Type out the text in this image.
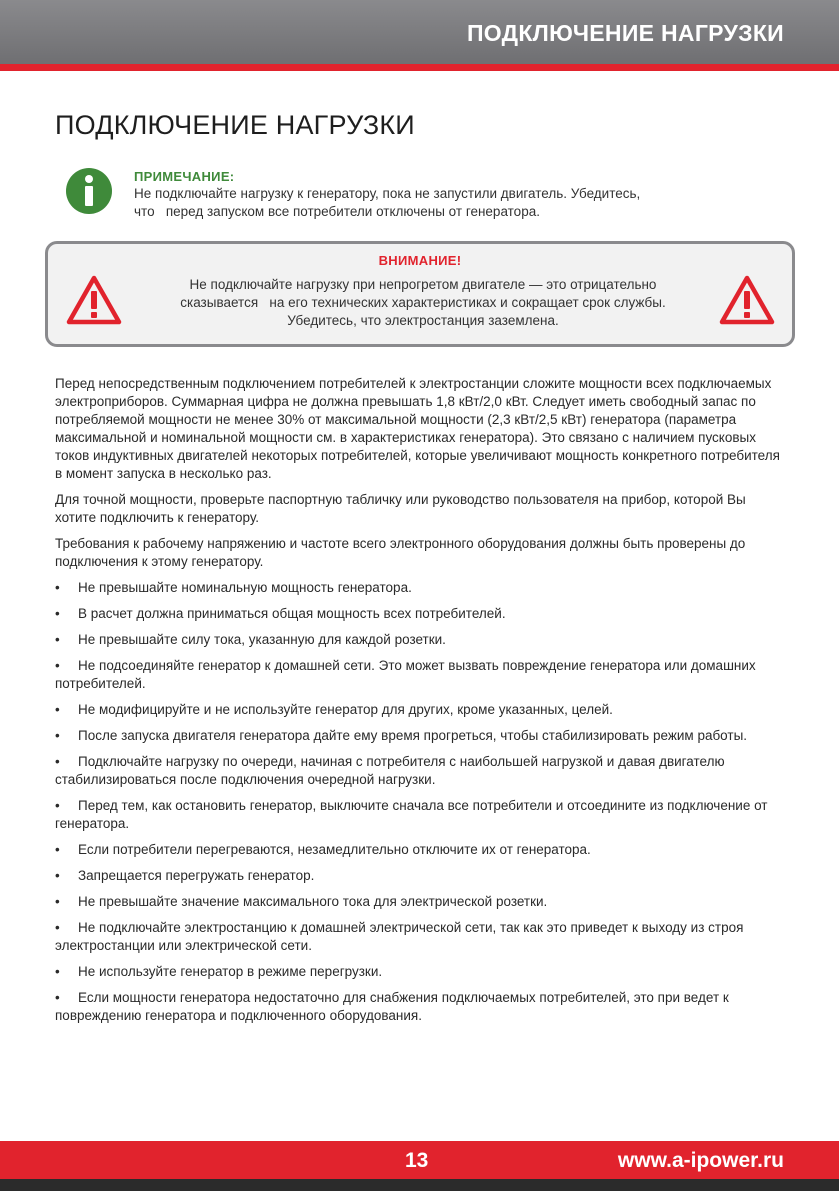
ПОДКЛЮЧЕНИЕ НАГРУЗКИ
ПОДКЛЮЧЕНИЕ НАГРУЗКИ
ПРИМЕЧАНИЕ:
Не подключайте нагрузку к генератору, пока не запустили двигатель. Убедитесь,
что   перед запуском все потребители отключены от генератора.
ВНИМАНИЕ!
Не подключайте нагрузку при непрогретом двигателе — это отрицательно
сказывается   на его технических характеристиках и сокращает срок службы.
Убедитесь, что электростанция заземлена.

Перед непосредственным подключением потребителей к электростанции сложите мощности всех подключаемых электроприборов. Суммарная цифра не должна превышать 1,8 кВт/2,0 кВт. Следует иметь свободный запас по потребляемой мощности не менее 30% от максимальной мощности (2,3 кВт/2,5 кВт) генератора (параметра максимальной и номинальной мощности см. в характеристиках генератора). Это связано с наличием пусковых токов индуктивных двигателей некоторых потребителей, которые увеличивают мощность конкретного потребителя в момент запуска в несколько раз.

Для точной мощности, проверьте паспортную табличку или руководство пользователя на прибор, которой Вы хотите подключить к генератору.

Требования к рабочему напряжению и частоте всего электронного оборудования должны быть проверены до подключения к этому генератору.

• Не превышайте номинальную мощность генератора.
• В расчет должна приниматься общая мощность всех потребителей.
• Не превышайте силу тока, указанную для каждой розетки.
• Не подсоединяйте генератор к домашней сети. Это может вызвать повреждение генератора или домашних потребителей.
• Не модифицируйте и не используйте генератор для других, кроме указанных, целей.
• После запуска двигателя генератора дайте ему время прогреться, чтобы стабилизировать режим работы.
• Подключайте нагрузку по очереди, начиная с потребителя с наибольшей нагрузкой и давая двигателю стабилизироваться после подключения очередной нагрузки.
• Перед тем, как остановить генератор, выключите сначала все потребители и отсоедините из подключение от генератора.
• Если потребители перегреваются, незамедлительно отключите их от генератора.
• Запрещается перегружать генератор.
• Не превышайте значение максимального тока для электрической розетки.
• Не подключайте электростанцию к домашней электрической сети, так как это приведет к выходу из строя электростанции или электрической сети.
• Не используйте генератор в режиме перегрузки.
• Если мощности генератора недостаточно для снабжения подключаемых потребителей, это при ведет к повреждению генератора и подключенного оборудования.
13	www.a-ipower.ru
